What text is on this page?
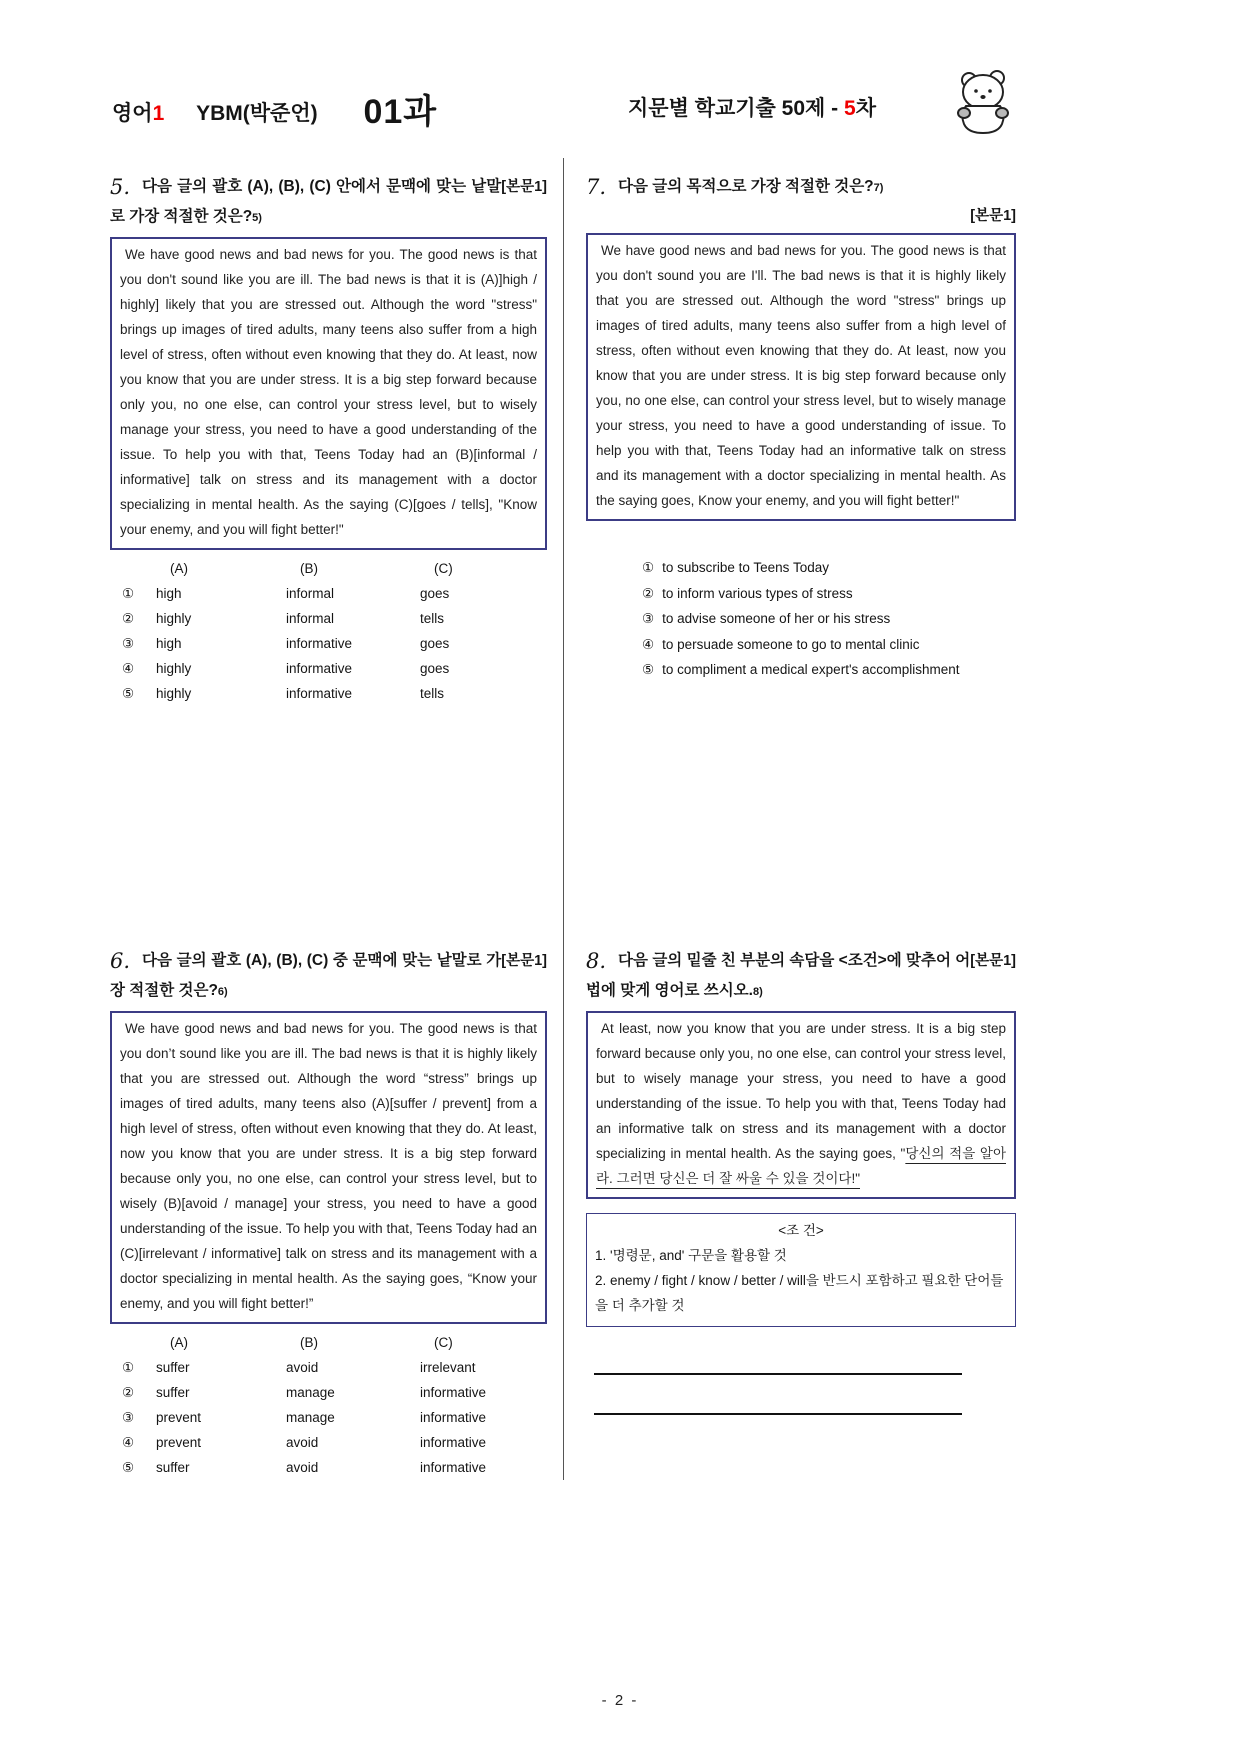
영어1 YBM(박준언) 01과	지문별 학교기출 50제 - 5차
5.	[본문1]
다음 글의 괄호 (A), (B), (C) 안에서 문맥에 맞는 낱말로 가장 적절한 것은?5)
We have good news and bad news for you. The good news is that you don't sound like you are ill. The bad news is that it is (A)]high / highly] likely that you are stressed out. Although the word "stress" brings up images of tired adults, many teens also suffer from a high level of stress, often without even knowing that they do. At least, now you know that you are under stress. It is a big step forward because only you, no one else, can control your stress level, but to wisely manage your stress, you need to have a good understanding of the issue. To help you with that, Teens Today had an (B)[informal / informative] talk on stress and its management with a doctor specializing in mental health. As the saying (C)[goes / tells], "Know your enemy, and you will fight better!"
(A)	(B)	(C)
①	high	informal	goes
②	highly	informal	tells
③	high	informative	goes
④	highly	informative	goes
⑤	highly	informative	tells
7. 다음 글의 목적으로 가장 적절한 것은?7)
[본문1]
We have good news and bad news for you. The good news is that you don't sound you are I'll. The bad news is that it is highly likely that you are stressed out. Although the word "stress" brings up images of tired adults, many teens also suffer from a high level of stress, often without even knowing that they do. At least, now you know that you are under stress. It is big step forward because only you, no one else, can control your stress level, but to wisely manage your stress, you need to have a good understanding of issue. To help you with that, Teens Today had an informative talk on stress and its management with a doctor specializing in mental health. As the saying goes, Know your enemy, and you will fight better!"
① to subscribe to Teens Today
② to inform various types of stress
③ to advise someone of her or his stress
④ to persuade someone to go to mental clinic
⑤ to compliment a medical expert's accomplishment
6.	[본문1]
다음 글의 괄호 (A), (B), (C) 중 문맥에 맞는 낱말로 가장 적절한 것은?6)
We have good news and bad news for you. The good news is that you don’t sound like you are ill. The bad news is that it is highly likely that you are stressed out. Although the word “stress” brings up images of tired adults, many teens also (A)[suffer / prevent] from a high level of stress, often without even knowing that they do. At least, now you know that you are under stress. It is a big step forward because only you, no one else, can control your stress level, but to wisely (B)[avoid / manage] your stress, you need to have a good understanding of the issue. To help you with that, Teens Today had an (C)[irrelevant / informative] talk on stress and its management with a doctor specializing in mental health. As the saying goes, “Know your enemy, and you will fight better!”
(A)	(B)	(C)
①	suffer	avoid	irrelevant
②	suffer	manage	informative
③	prevent	manage	informative
④	prevent	avoid	informative
⑤	suffer	avoid	informative
8.	[본문1]
다음 글의 밑줄 친 부분의 속담을 <조건>에 맞추어 어법에 맞게 영어로 쓰시오.8)
At least, now you know that you are under stress. It is a big step forward because only you, no one else, can control your stress level, but to wisely manage your stress, you need to have a good understanding of the issue. To help you with that, Teens Today had an informative talk on stress and its management with a doctor specializing in mental health. As the saying goes, "당신의 적을 알아라. 그러면 당신은 더 잘 싸울 수 있을 것이다!"
<조 건>
1. '명령문, and' 구문을 활용할 것
2. enemy / fight / know / better / will을 반드시 포함하고 필요한 단어들을 더 추가할 것
- 2 -
